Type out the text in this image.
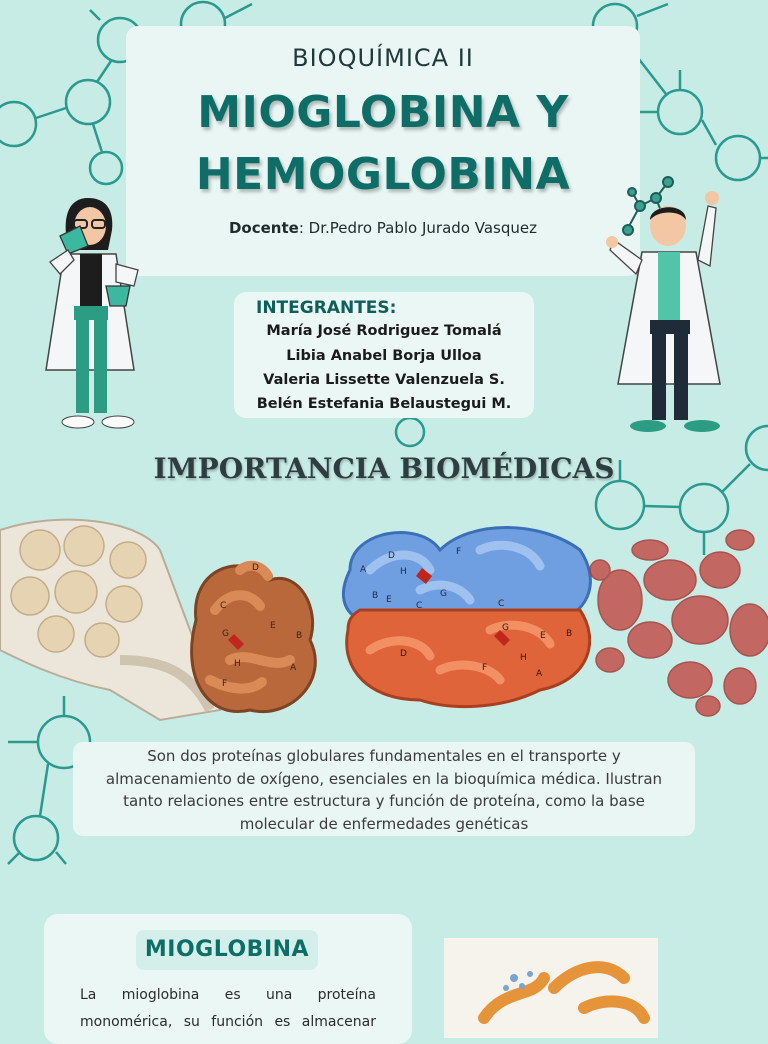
BIOQUÍMICA II
MIOGLOBINA Y
HEMOGLOBINA
Docente: Dr.Pedro Pablo Jurado Vasquez
INTEGRANTES:
María José Rodriguez Tomalá
Libia Anabel Borja Ulloa
Valeria Lissette Valenzuela S.
Belén Estefania Belaustegui M.
IMPORTANCIA BIOMÉDICAS
D
C
E
G	B
H
F
A
F
B E
C
G
H
D
A
C
G
E B
H
F
D
A
Son dos proteínas globulares fundamentales en el transporte y almacenamiento de oxígeno, esenciales en la bioquímica médica. Ilustran tanto relaciones entre estructura y función de proteína, como la base molecular de enfermedades genéticas
MIOGLOBINA
La mioglobina es una proteína monomérica, su función es almacenar
